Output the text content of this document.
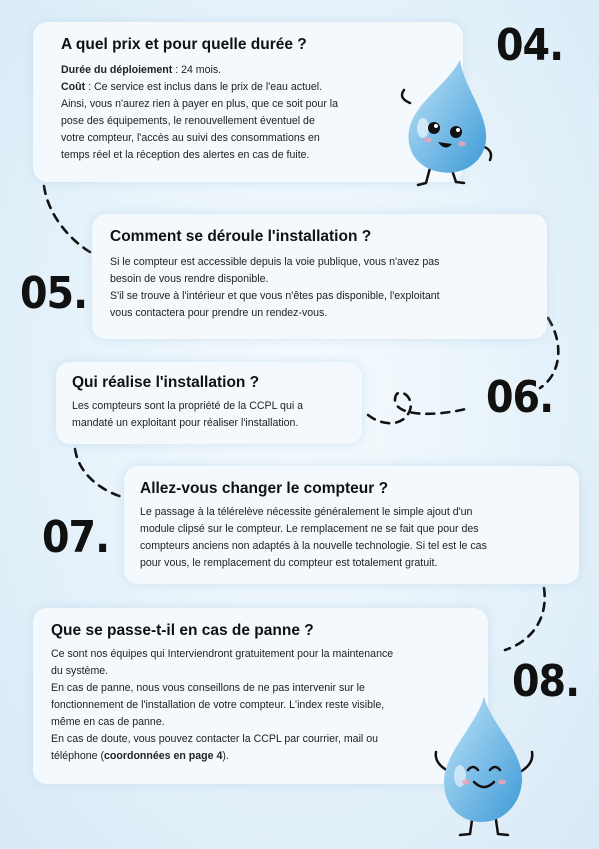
A quel prix et pour quelle durée ?

Durée du déploiement : 24 mois.
Coût : Ce service est inclus dans le prix de l'eau actuel.
Ainsi, vous n'aurez rien à payer en plus, que ce soit pour la
pose des équipements, le renouvellement éventuel de
votre compteur, l'accès au suivi des consommations en
temps réel et la réception des alertes en cas de fuite.

04.
Comment se déroule l'installation ?

Si le compteur est accessible depuis la voie publique, vous n'avez pas
besoin de vous rendre disponible.
S'il se trouve à l'intérieur et que vous n'êtes pas disponible, l'exploitant
vous contactera pour prendre un rendez-vous.

05.
Qui réalise l'installation ?

Les compteurs sont la propriété de la CCPL qui a
mandaté un exploitant pour réaliser l'installation.	06.
Allez-vous changer le compteur ?

Le passage à la télérelève nécessite généralement le simple ajout d'un
module clipsé sur le compteur. Le remplacement ne se fait que pour des
compteurs anciens non adaptés à la nouvelle technologie. Si tel est le cas
pour vous, le remplacement du compteur est totalement gratuit.

07.
Que se passe-t-il en cas de panne ?

Ce sont nos équipes qui Interviendront gratuitement pour la maintenance
du système.
En cas de panne, nous vous conseillons de ne pas intervenir sur le
fonctionnement de l'installation de votre compteur. L'index reste visible,
même en cas de panne.
En cas de doute, vous pouvez contacter la CCPL par courrier, mail ou
téléphone (coordonnées en page 4).

08.
